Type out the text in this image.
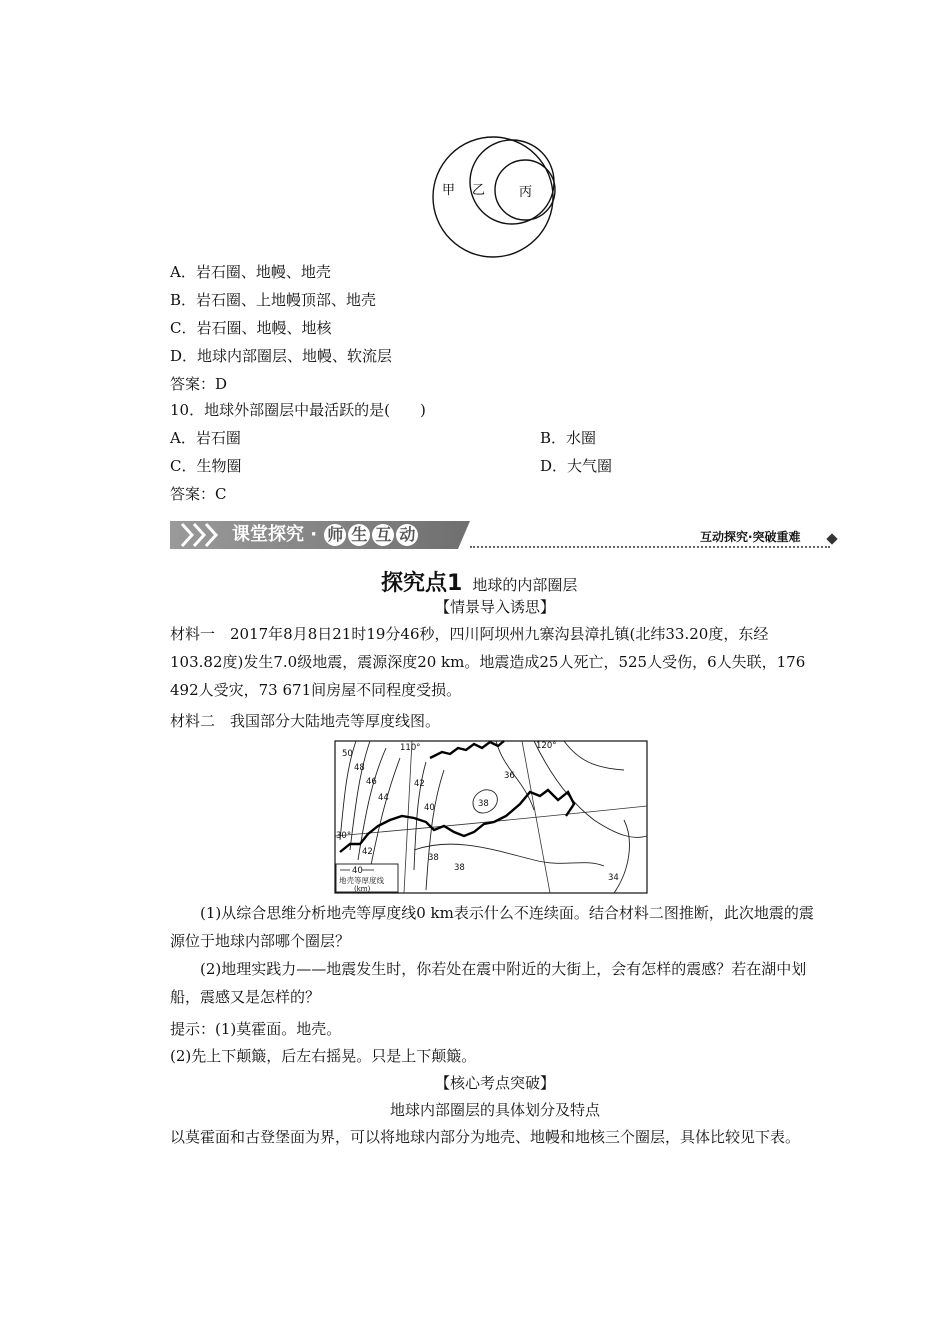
甲 乙	丙
A．岩石圈、地幔、地壳
B．岩石圈、上地幔顶部、地壳
C．岩石圈、地幔、地核
D．地球内部圈层、地幔、软流层
答案：D
10．地球外部圈层中最活跃的是(　　)
A．岩石圈	B．水圈
C．生物圈	D．大气圈
答案：C
课堂探究 · 师 生 互 动	互动探究·突破重难
探究点1 地球的内部圈层
【情景导入诱思】
材料一　2017年8月8日21时19分46秒，四川阿坝州九寨沟县漳扎镇(北纬33.20度，东经103.82度)发生7.0级地震，震源深度20 km。地震造成25人死亡，525人受伤，6人失联，176 492人受灾，73 671间房屋不同程度受损。
材料二　我国部分大陆地壳等厚度线图。
110°	120°
30°
50
48
46
44
42
40	38
36
38
42
38
34
40
地壳等厚度线
(km)
(1)从综合思维分析地壳等厚度线0 km表示什么不连续面。结合材料二图推断，此次地震的震源位于地球内部哪个圈层？
(2)地理实践力——地震发生时，你若处在震中附近的大街上，会有怎样的震感？若在湖中划船，震感又是怎样的？
提示：(1)莫霍面。地壳。
(2)先上下颠簸，后左右摇晃。只是上下颠簸。
【核心考点突破】
地球内部圈层的具体划分及特点
以莫霍面和古登堡面为界，可以将地球内部分为地壳、地幔和地核三个圈层，具体比较见下表。
